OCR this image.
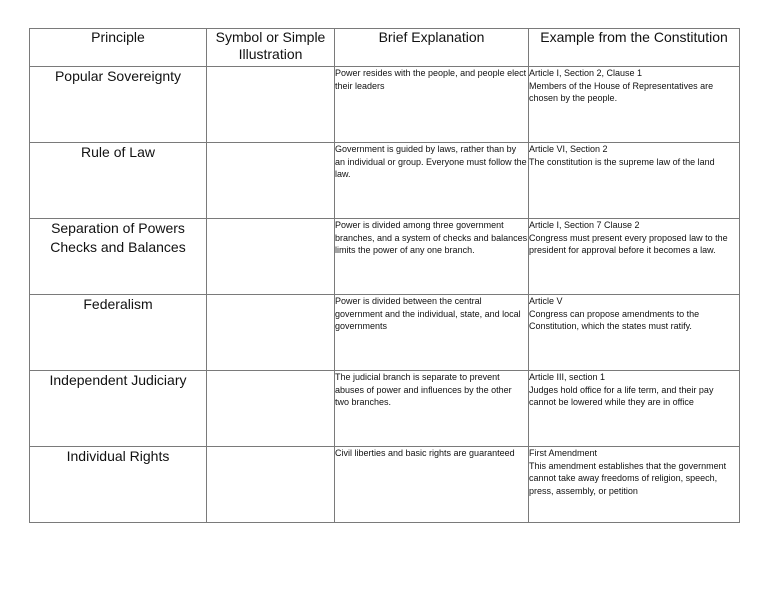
Principle	Symbol or Simple Illustration	Brief Explanation	Example from the Constitution
Popular Sovereignty		Power resides with the people, and people elect their leaders	Article I, Section 2, Clause 1
Members of the House of Representatives are chosen by the people.

Rule of Law		Government is guided by laws, rather than by an individual or group. Everyone must follow the law.	Article VI, Section 2
The constitution is the supreme law of the land

Separation of Powers Checks and Balances		Power is divided among three government branches, and a system of checks and balances limits the power of any one branch.	Article I, Section 7 Clause 2
Congress must present every proposed law to the president for approval before it becomes a law.

Federalism		Power is divided between the central government and the individual, state, and local governments	Article V
Congress can propose amendments to the Constitution, which the states must ratify.

Independent Judiciary		The judicial branch is separate to prevent abuses of power and influences by the other two branches.	Article III, section 1
Judges hold office for a life term, and their pay cannot be lowered while they are in office

Individual Rights		Civil liberties and basic rights are guaranteed	First Amendment
This amendment establishes that the government cannot take away freedoms of religion, speech, press, assembly, or petition
